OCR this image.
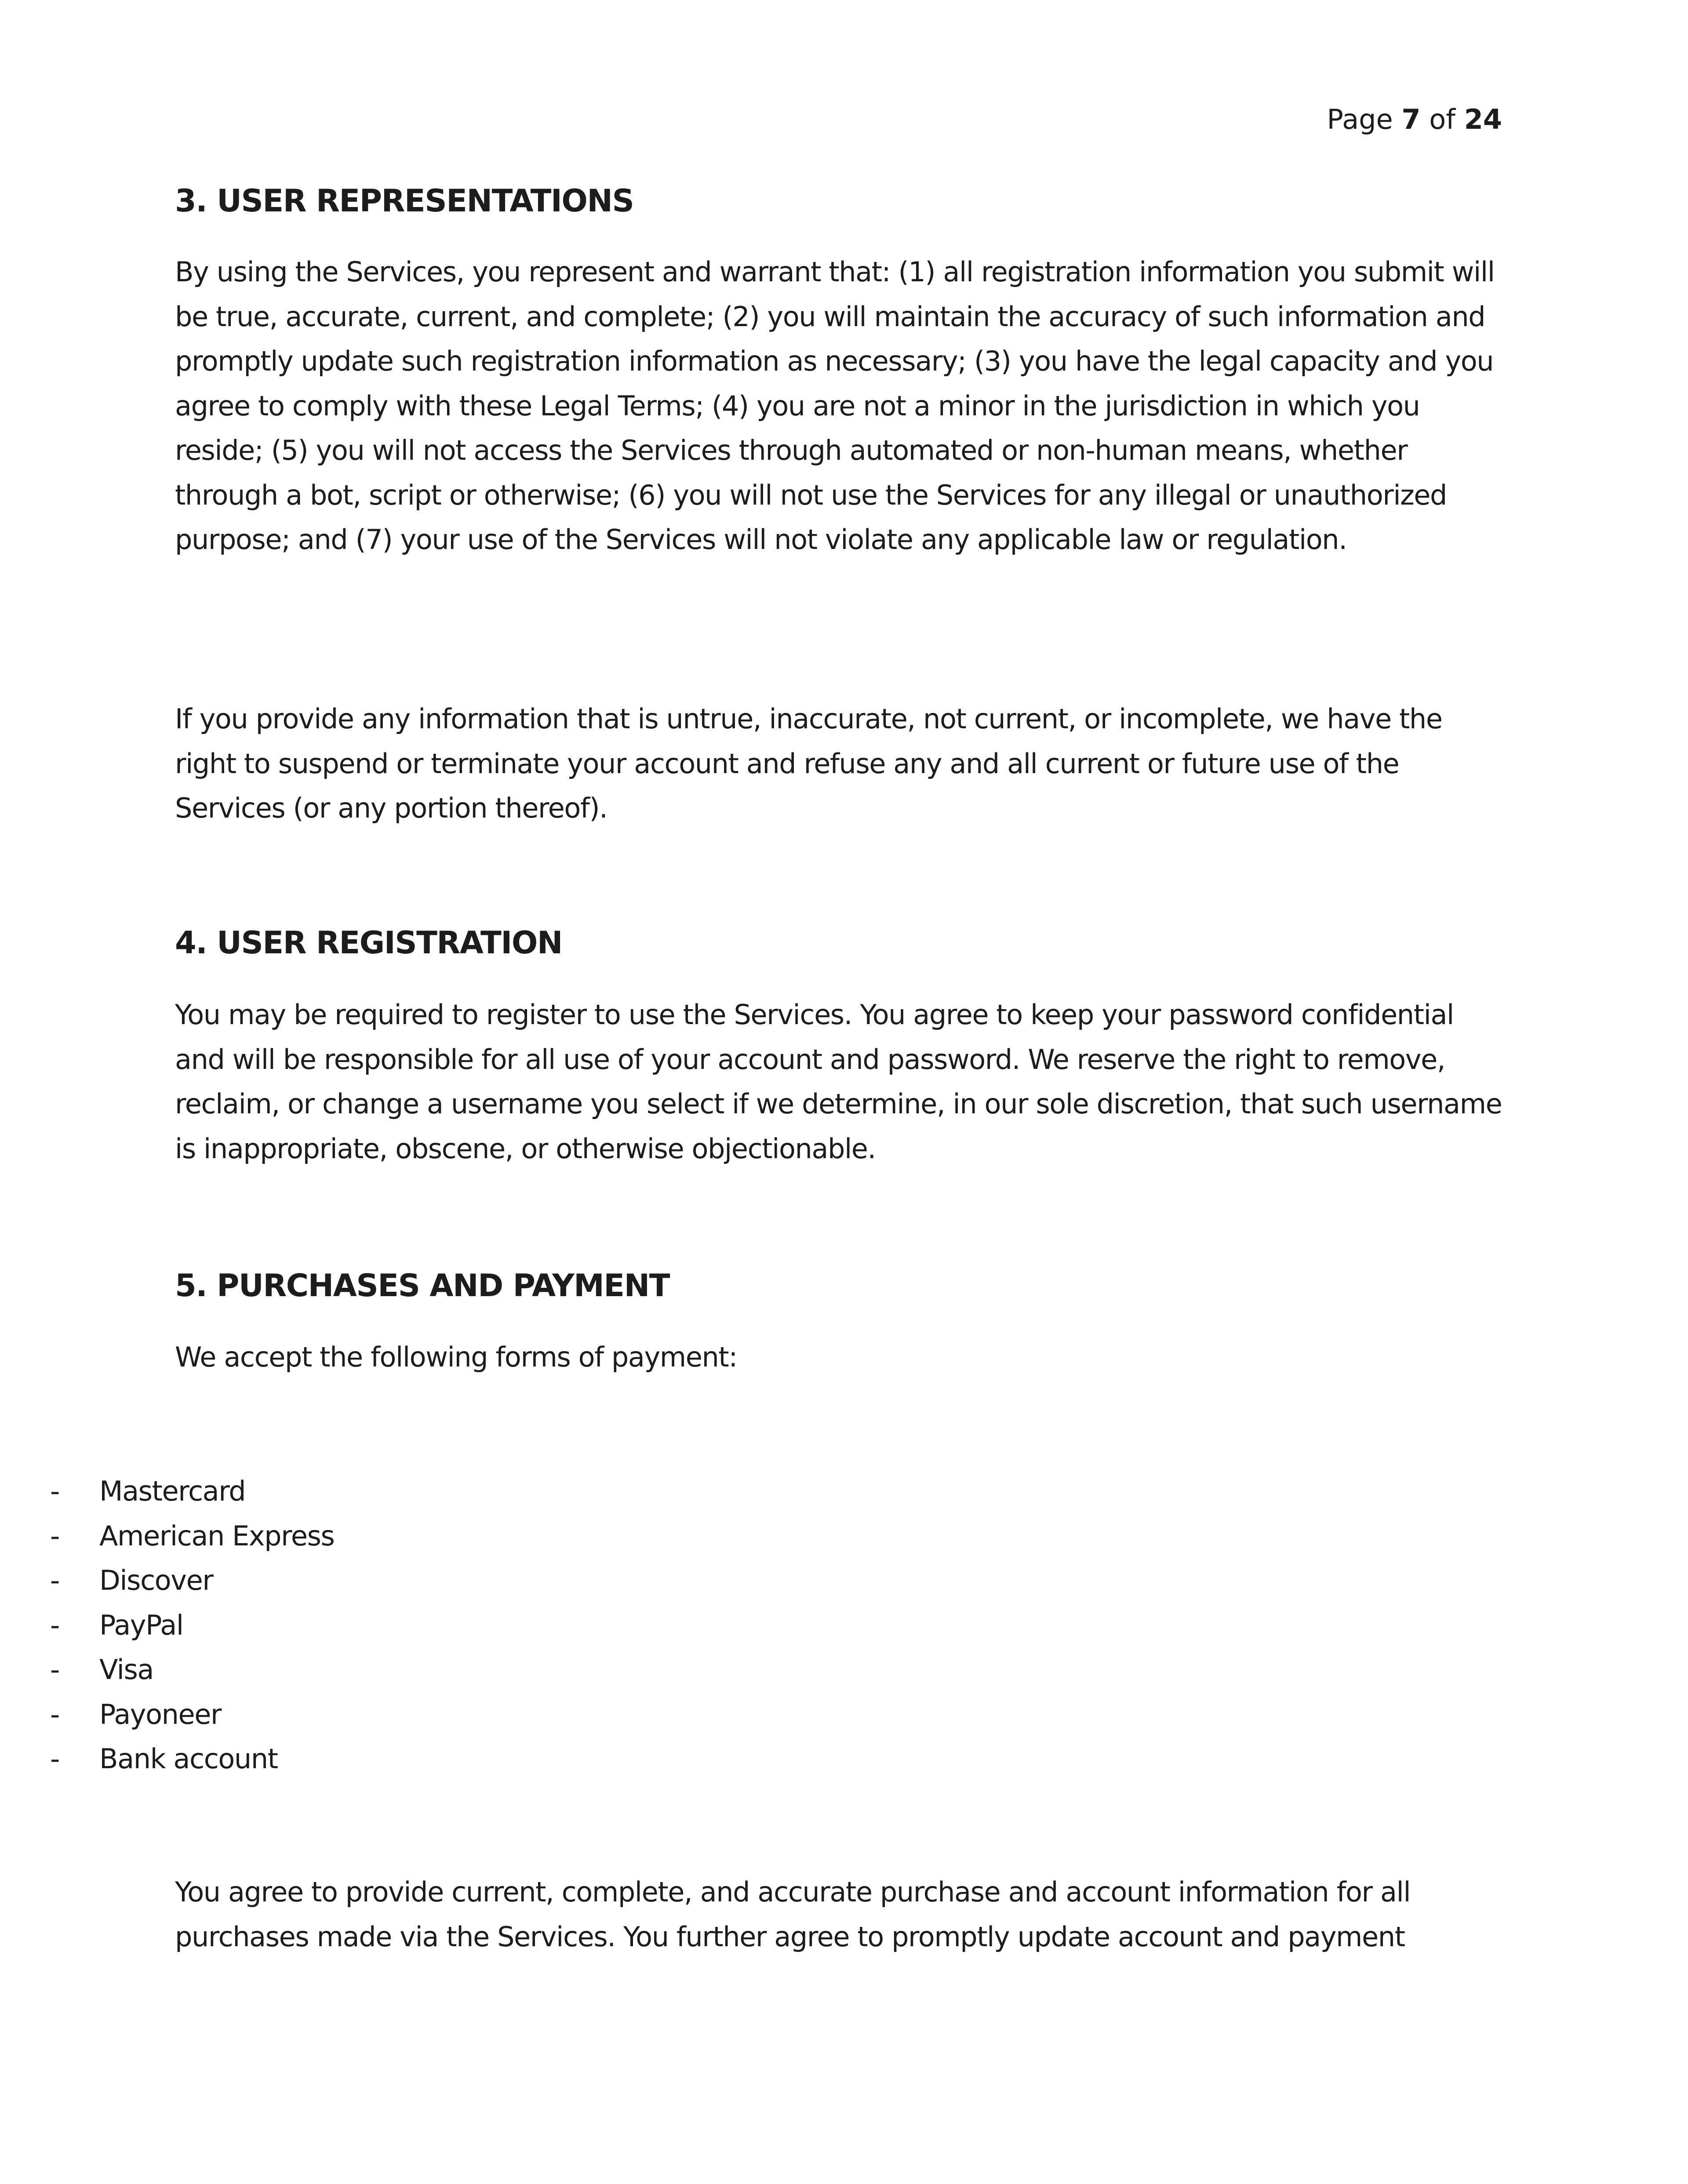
Page 7 of 24
3. USER REPRESENTATIONS

By using the Services, you represent and warrant that: (1) all registration information you submit will be true, accurate, current, and complete; (2) you will maintain the accuracy of such information and promptly update such registration information as necessary; (3) you have the legal capacity and you agree to comply with these Legal Terms; (4) you are not a minor in the jurisdiction in which you reside; (5) you will not access the Services through automated or non-human means, whether through a bot, script or otherwise; (6) you will not use the Services for any illegal or unauthorized purpose; and (7) your use of the Services will not violate any applicable law or regulation.

If you provide any information that is untrue, inaccurate, not current, or incomplete, we have the right to suspend or terminate your account and refuse any and all current or future use of the Services (or any portion thereof).

4. USER REGISTRATION

You may be required to register to use the Services. You agree to keep your password confidential and will be responsible for all use of your account and password. We reserve the right to remove, reclaim, or change a username you select if we determine, in our sole discretion, that such username is inappropriate, obscene, or otherwise objectionable.

5. PURCHASES AND PAYMENT

We accept the following forms of payment:

- Mastercard
- American Express
- Discover
- PayPal
- Visa
- Payoneer
- Bank account

You agree to provide current, complete, and accurate purchase and account information for all purchases made via the Services. You further agree to promptly update account and payment
